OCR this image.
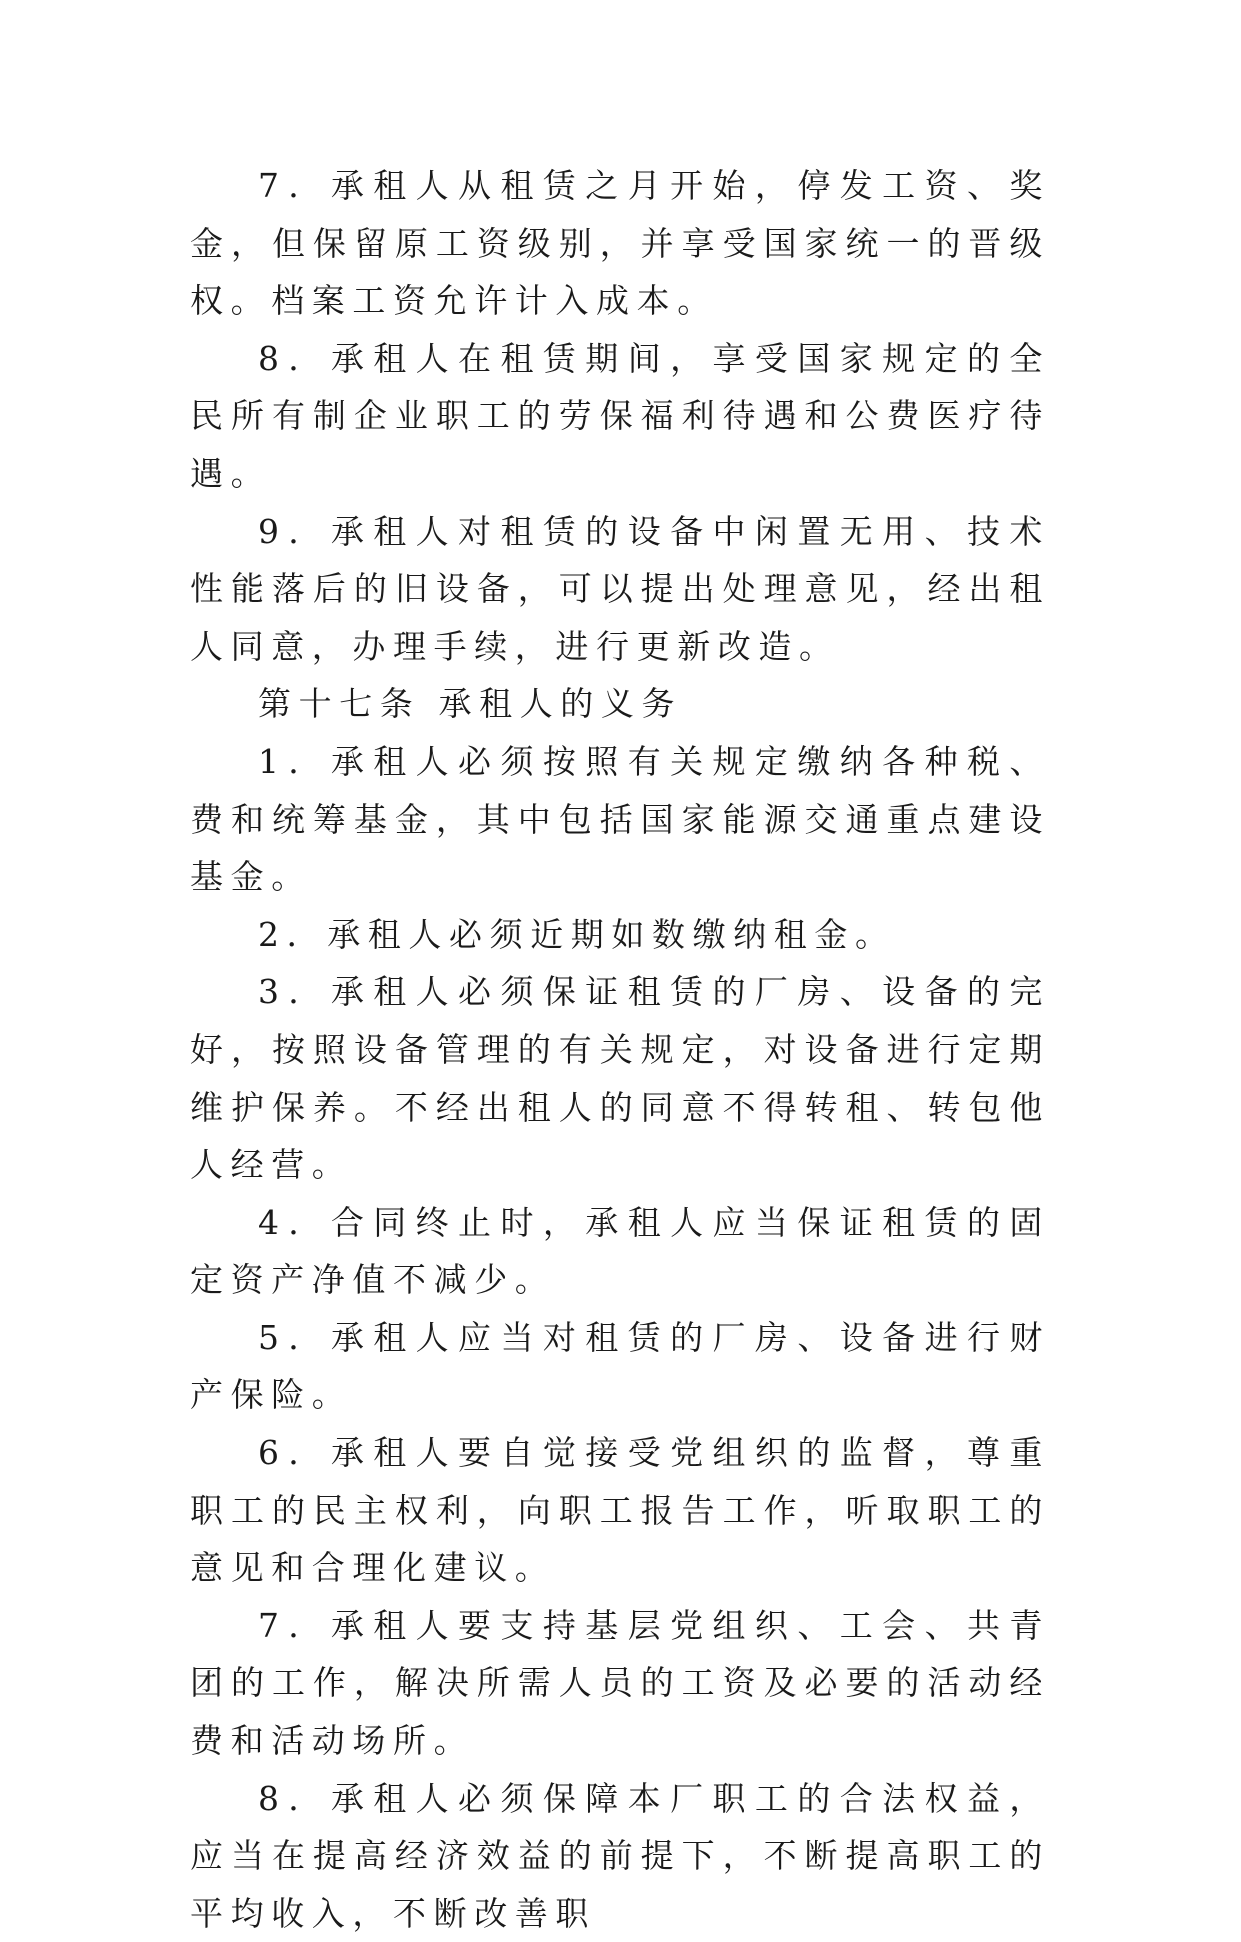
7．承租人从租赁之月开始，停发工资、奖金，但保留原工资级别，并享受国家统一的晋级权。档案工资允许计入成本。

8．承租人在租赁期间，享受国家规定的全民所有制企业职工的劳保福利待遇和公费医疗待遇。

9．承租人对租赁的设备中闲置无用、技术性能落后的旧设备，可以提出处理意见，经出租人同意，办理手续，进行更新改造。

第十七条 承租人的义务

1．承租人必须按照有关规定缴纳各种税、费和统筹基金，其中包括国家能源交通重点建设基金。

2．承租人必须近期如数缴纳租金。

3．承租人必须保证租赁的厂房、设备的完好，按照设备管理的有关规定，对设备进行定期维护保养。不经出租人的同意不得转租、转包他人经营。

4．合同终止时，承租人应当保证租赁的固定资产净值不减少。

5．承租人应当对租赁的厂房、设备进行财产保险。

6．承租人要自觉接受党组织的监督，尊重职工的民主权利，向职工报告工作，听取职工的意见和合理化建议。

7．承租人要支持基层党组织、工会、共青团的工作，解决所需人员的工资及必要的活动经费和活动场所。

8．承租人必须保障本厂职工的合法权益，应当在提高经济效益的前提下，不断提高职工的平均收入，不断改善职
